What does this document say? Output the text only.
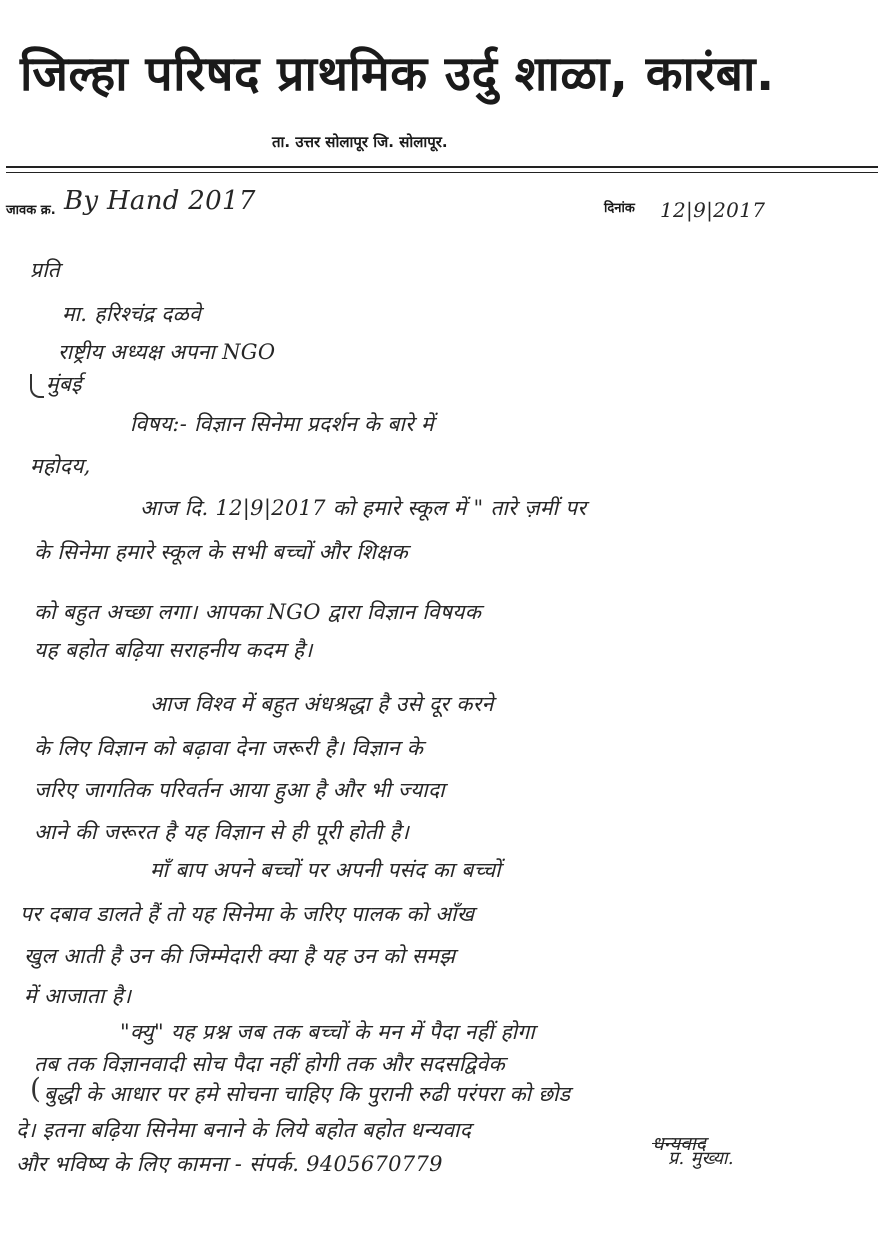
जिल्हा परिषद प्राथमिक उर्दु शाळा, कारंबा.
ता. उत्तर सोलापूर जि. सोलापूर.
जावक क्र. By Hand 2017	दिनांक 12|9|2017
प्रति
मा. हरिश्चंद्र दळवे
राष्ट्रीय अध्यक्ष अपना NGO
मुंबई
विषय:- विज्ञान सिनेमा प्रदर्शन के बारे में
महोदय,
आज दि. 12|9|2017 को हमारे स्कूल में " तारे ज़मीं पर
के सिनेमा हमारे स्कूल के सभी बच्चों और शिक्षक
को बहुत अच्छा लगा। आपका NGO द्वारा विज्ञान विषयक
यह बहोत बढ़िया सराहनीय कदम है।
आज विश्व में बहुत अंधश्रद्धा है उसे दूर करने
के लिए विज्ञान को बढ़ावा देना जरूरी है। विज्ञान के
जरिए जागतिक परिवर्तन आया हुआ है और भी ज्यादा
आने की जरूरत है यह विज्ञान से ही पूरी होती है।
माँ बाप अपने बच्चों पर अपनी पसंद का बच्चों
पर दबाव डालते हैं तो यह सिनेमा के जरिए पालक को आँख
खुल आती है उन की जिम्मेदारी क्या है यह उन को समझ
में आजाता है।
"क्यु" यह प्रश्न जब तक बच्चों के मन में पैदा नहीं होगा
तब तक विज्ञानवादी सोच पैदा नहीं होगी तक और सदसद्विवेक
( बुद्धी के आधार पर हमे सोचना चाहिए कि पुरानी रुढी परंपरा को छोड
दे। इतना बढ़िया सिनेमा बनाने के लिये बहोत बहोत धन्यवाद
और भविष्य के लिए कामना - संपर्क. 9405670779
धन्यवाद
प्र. मुख्या.
